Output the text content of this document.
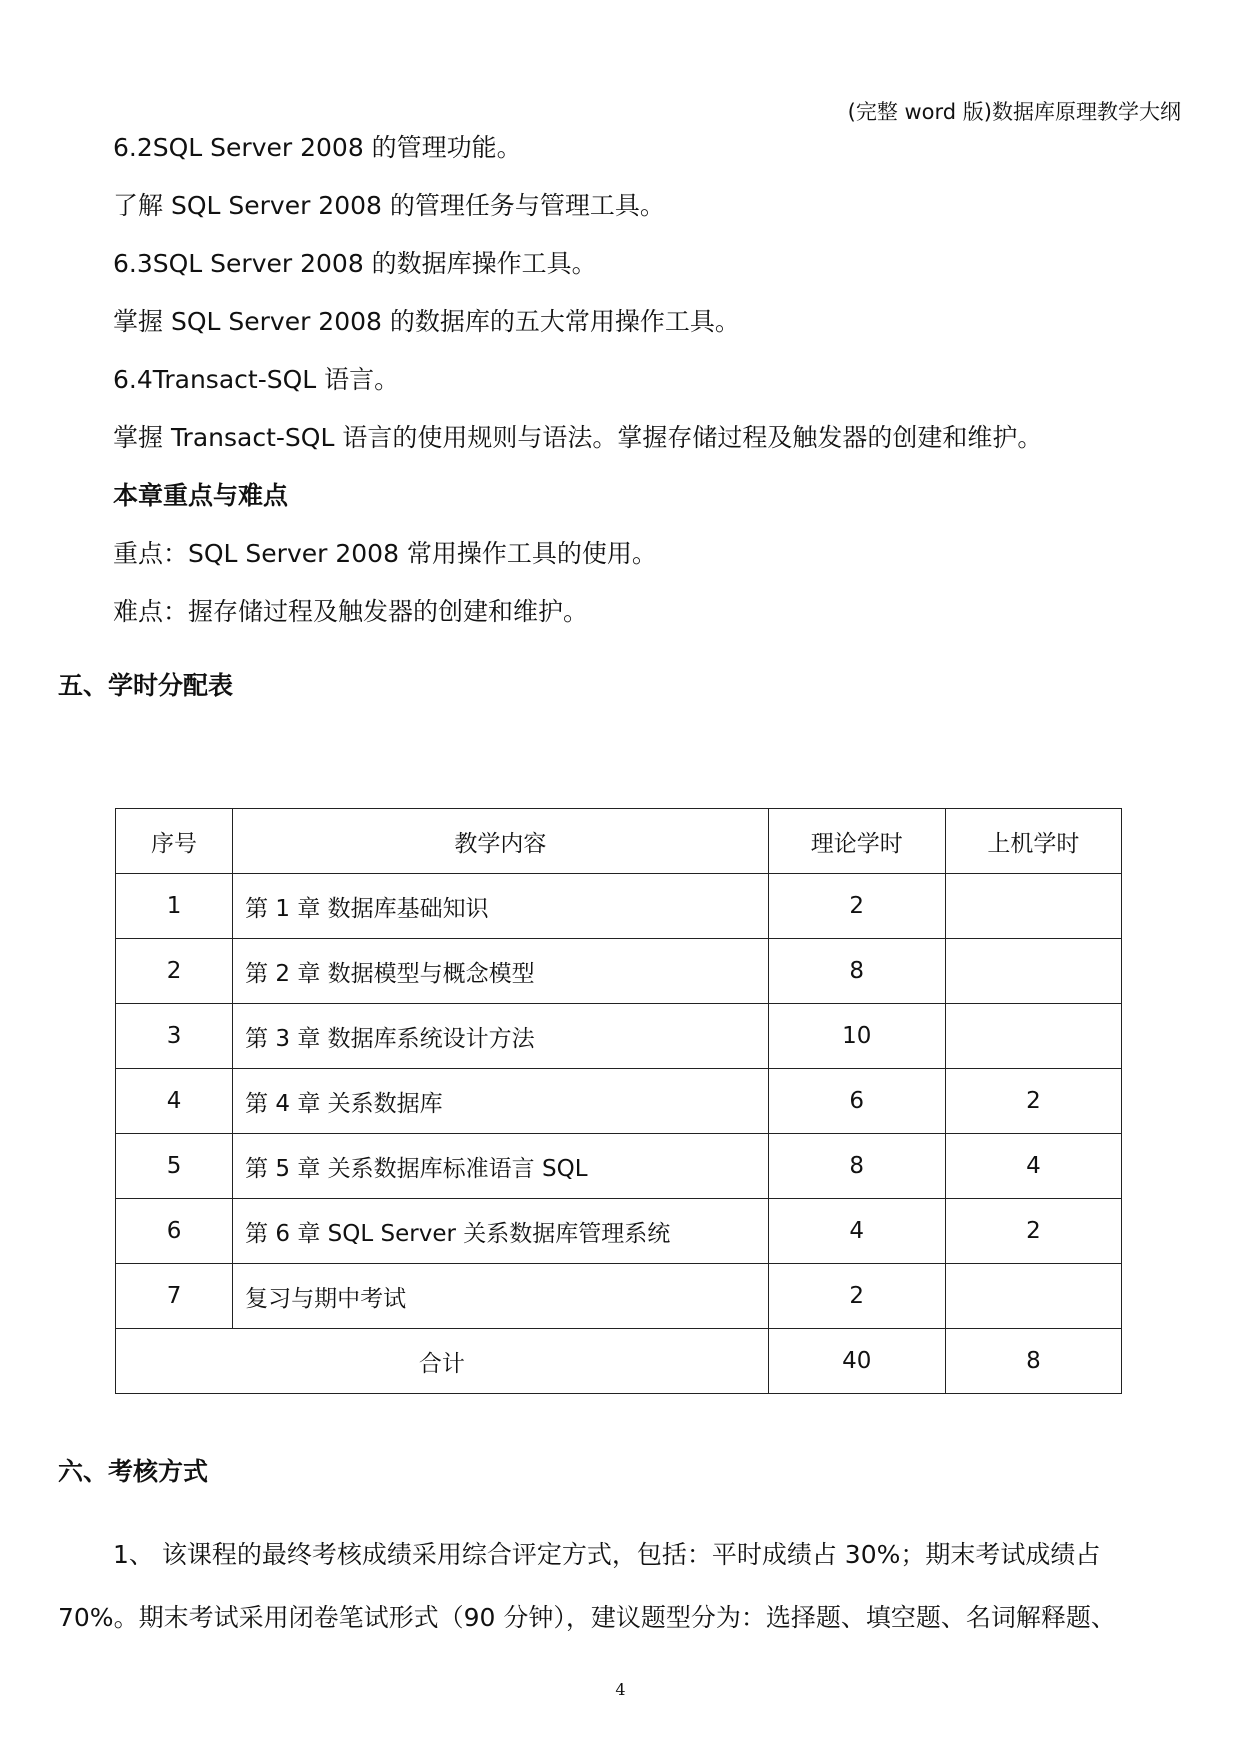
(完整 word 版)数据库原理教学大纲
6.2SQL Server 2008 的管理功能。
了解 SQL Server 2008 的管理任务与管理工具。
6.3SQL Server 2008 的数据库操作工具。
掌握 SQL Server 2008 的数据库的五大常用操作工具。
6.4Transact-SQL 语言。
掌握 Transact-SQL 语言的使用规则与语法。掌握存储过程及触发器的创建和维护。
本章重点与难点
重点：SQL Server 2008 常用操作工具的使用。
难点：握存储过程及触发器的创建和维护。
五、学时分配表
序号	教学内容	理论学时	上机学时
1	第 1 章 数据库基础知识	2	
2	第 2 章 数据模型与概念模型	8	
3	第 3 章 数据库系统设计方法	10	
4	第 4 章 关系数据库	6	2
5	第 5 章 关系数据库标准语言 SQL	8	4
6	第 6 章 SQL Server 关系数据库管理系统	4	2
7	复习与期中考试	2	
合计		40	8
六、考核方式
1、 该课程的最终考核成绩采用综合评定方式，包括：平时成绩占 30%；期末考试成绩占
70%。期末考试采用闭卷笔试形式（90 分钟），建议题型分为：选择题、填空题、名词解释题、
4
